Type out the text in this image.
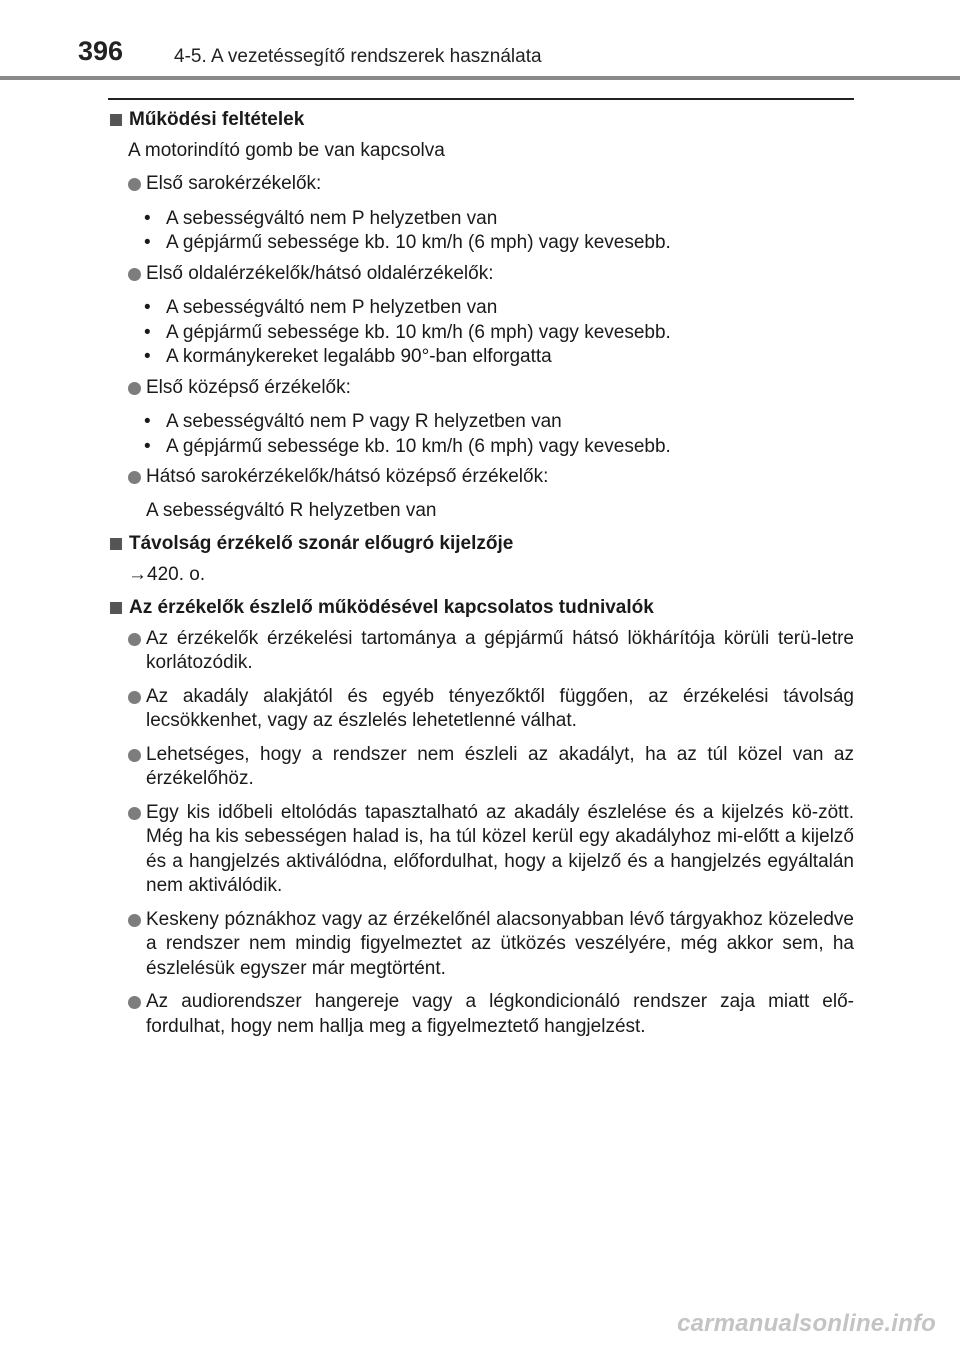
396	4-5. A vezetéssegítő rendszerek használata
Működési feltételek
A motorindító gomb be van kapcsolva
Első sarokérzékelők:
• A sebességváltó nem P helyzetben van
• A gépjármű sebessége kb. 10 km/h (6 mph) vagy kevesebb.
Első oldalérzékelők/hátsó oldalérzékelők:
• A sebességváltó nem P helyzetben van
• A gépjármű sebessége kb. 10 km/h (6 mph) vagy kevesebb.
• A kormánykereket legalább 90°-ban elforgatta
Első középső érzékelők:
• A sebességváltó nem P vagy R helyzetben van
• A gépjármű sebessége kb. 10 km/h (6 mph) vagy kevesebb.
Hátsó sarokérzékelők/hátsó középső érzékelők:
A sebességváltó R helyzetben van
Távolság érzékelő szonár előugró kijelzője
→420. o.
Az érzékelők észlelő működésével kapcsolatos tudnivalók
Az érzékelők érzékelési tartománya a gépjármű hátsó lökhárítója körüli terü-letre korlátozódik.
Az akadály alakjától és egyéb tényezőktől függően, az érzékelési távolság lecsökkenhet, vagy az észlelés lehetetlenné válhat.
Lehetséges, hogy a rendszer nem észleli az akadályt, ha az túl közel van az érzékelőhöz.
Egy kis időbeli eltolódás tapasztalható az akadály észlelése és a kijelzés kö-zött. Még ha kis sebességen halad is, ha túl közel kerül egy akadályhoz mi-előtt a kijelző és a hangjelzés aktiválódna, előfordulhat, hogy a kijelző és a hangjelzés egyáltalán nem aktiválódik.
Keskeny póznákhoz vagy az érzékelőnél alacsonyabban lévő tárgyakhoz közeledve a rendszer nem mindig figyelmeztet az ütközés veszélyére, még akkor sem, ha észlelésük egyszer már megtörtént.
Az audiorendszer hangereje vagy a légkondicionáló rendszer zaja miatt elő-fordulhat, hogy nem hallja meg a figyelmeztető hangjelzést.
carmanualsonline.info
